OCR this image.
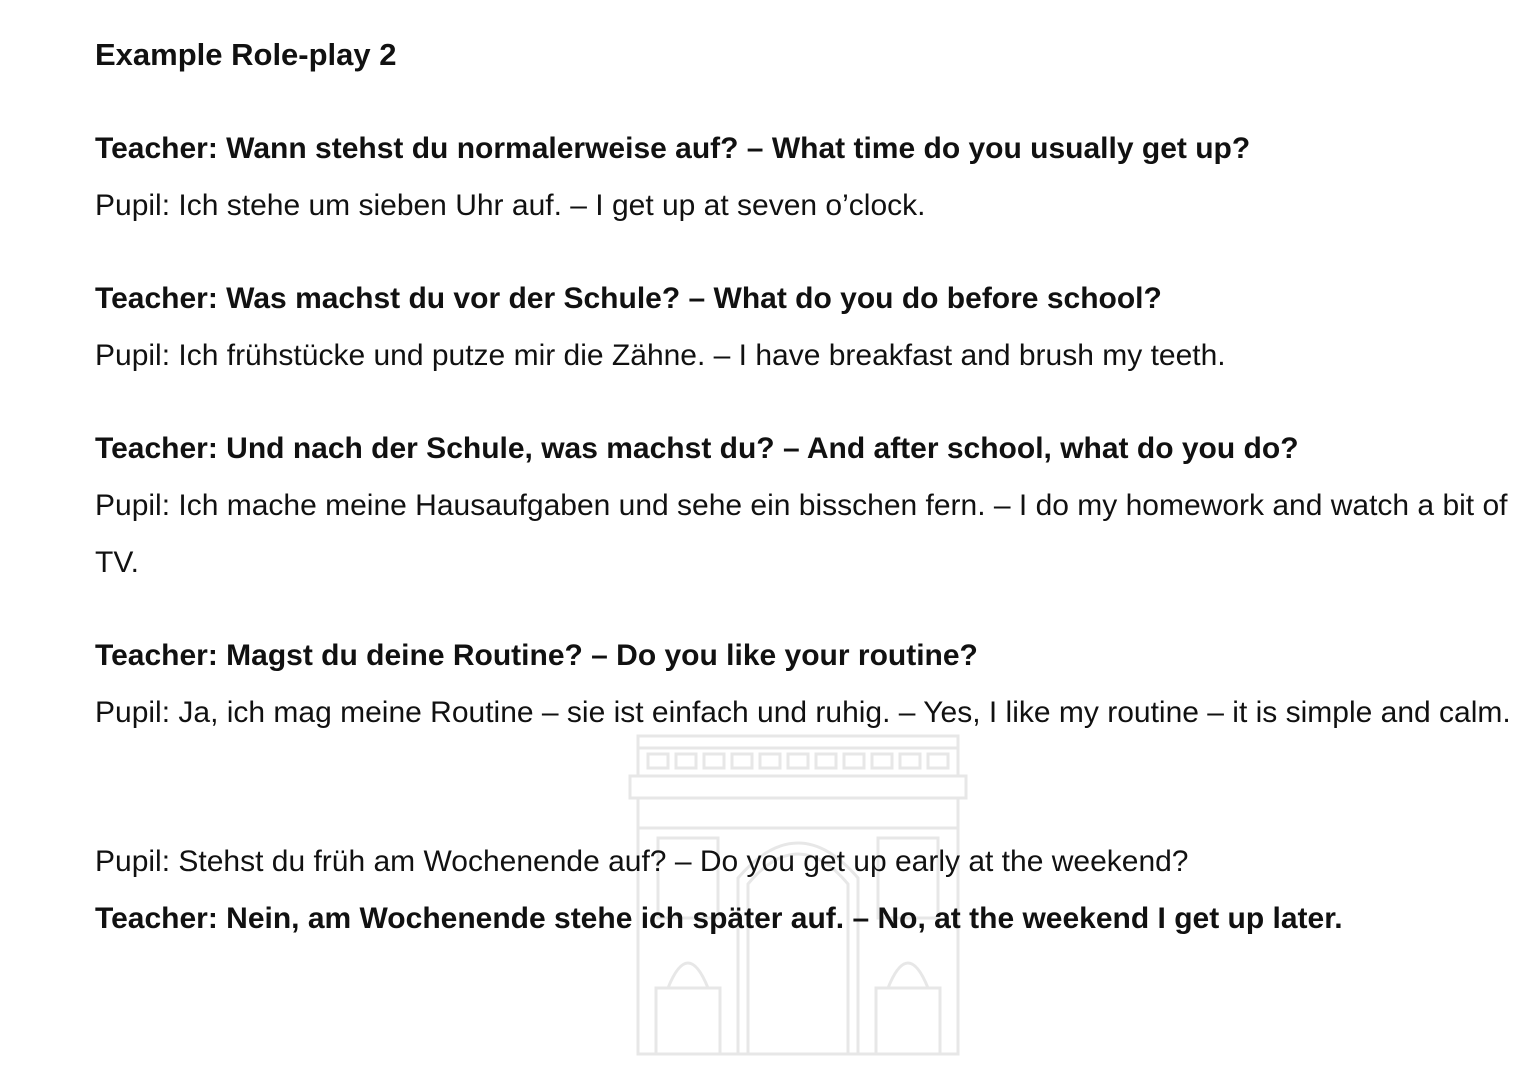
Example Role-play 2

Teacher: Wann stehst du normalerweise auf? – What time do you usually get up?

Pupil: Ich stehe um sieben Uhr auf. – I get up at seven o’clock.

Teacher: Was machst du vor der Schule? – What do you do before school?

Pupil: Ich frühstücke und putze mir die Zähne. – I have breakfast and brush my teeth.

Teacher: Und nach der Schule, was machst du? – And after school, what do you do?

Pupil: Ich mache meine Hausaufgaben und sehe ein bisschen fern. – I do my homework and watch a bit of TV.

Teacher: Magst du deine Routine? – Do you like your routine?

Pupil: Ja, ich mag meine Routine – sie ist einfach und ruhig. – Yes, I like my routine – it is simple and calm.

Pupil: Stehst du früh am Wochenende auf? – Do you get up early at the weekend?

Teacher: Nein, am Wochenende stehe ich später auf. – No, at the weekend I get up later.
